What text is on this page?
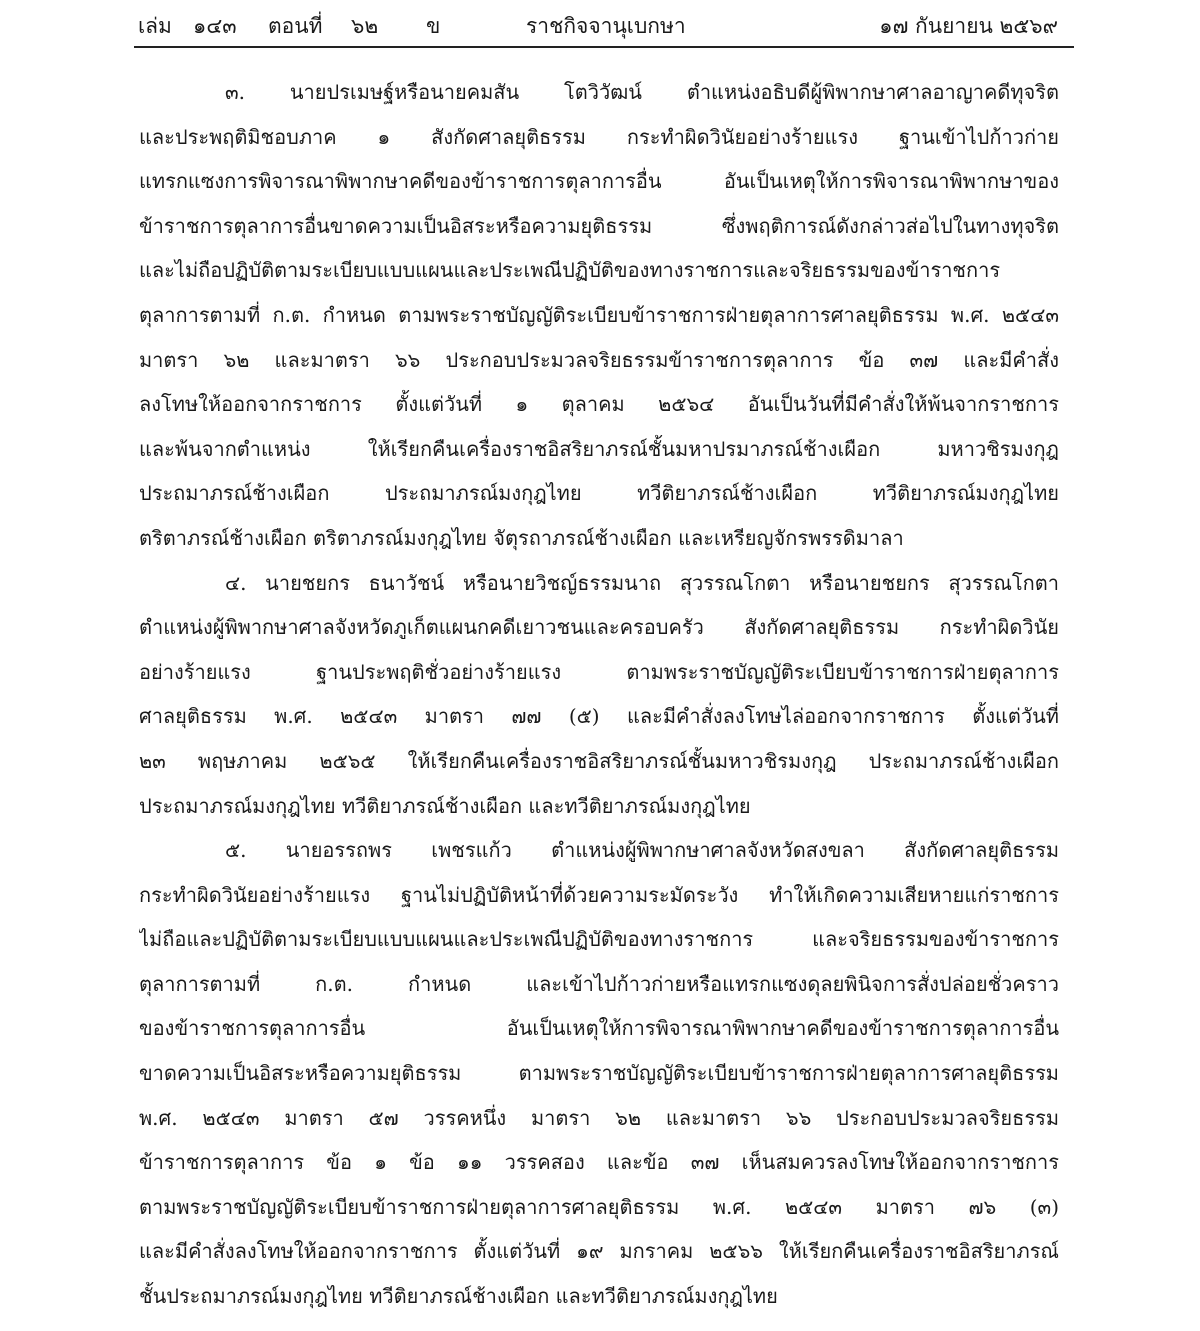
เล่ม ๑๔๓ ตอนที่ ๖๒ ข	ราชกิจจานุเบกษา	๑๗ กันยายน ๒๕๖๙
๓. นายปรเมษฐ์หรือนายคมสัน โตวิวัฒน์ ตำแหน่งอธิบดีผู้พิพากษาศาลอาญาคดีทุจริต
และประพฤติมิชอบภาค ๑ สังกัดศาลยุติธรรม กระทำผิดวินัยอย่างร้ายแรง ฐานเข้าไปก้าวก่าย
แทรกแซงการพิจารณาพิพากษาคดีของข้าราชการตุลาการอื่น อันเป็นเหตุให้การพิจารณาพิพากษาของ
ข้าราชการตุลาการอื่นขาดความเป็นอิสระหรือความยุติธรรม ซึ่งพฤติการณ์ดังกล่าวส่อไปในทางทุจริต
และไม่ถือปฏิบัติตามระเบียบแบบแผนและประเพณีปฏิบัติของทางราชการและจริยธรรมของข้าราชการ
ตุลาการตามที่ ก.ต. กำหนด ตามพระราชบัญญัติระเบียบข้าราชการฝ่ายตุลาการศาลยุติธรรม พ.ศ. ๒๕๔๓
มาตรา ๖๒ และมาตรา ๖๖ ประกอบประมวลจริยธรรมข้าราชการตุลาการ ข้อ ๓๗ และมีคำสั่ง
ลงโทษให้ออกจากราชการ ตั้งแต่วันที่ ๑ ตุลาคม ๒๕๖๔ อันเป็นวันที่มีคำสั่งให้พ้นจากราชการ
และพ้นจากตำแหน่ง ให้เรียกคืนเครื่องราชอิสริยาภรณ์ชั้นมหาปรมาภรณ์ช้างเผือก มหาวชิรมงกุฎ
ประถมาภรณ์ช้างเผือก ประถมาภรณ์มงกุฎไทย ทวีติยาภรณ์ช้างเผือก ทวีติยาภรณ์มงกุฎไทย
ตริตาภรณ์ช้างเผือก ตริตาภรณ์มงกุฎไทย จัตุรถาภรณ์ช้างเผือก และเหรียญจักรพรรดิมาลา
๔. นายชยกร ธนาวัชน์ หรือนายวิชญ์ธรรมนาถ สุวรรณโกตา หรือนายชยกร สุวรรณโกตา
ตำแหน่งผู้พิพากษาศาลจังหวัดภูเก็ตแผนกคดีเยาวชนและครอบครัว สังกัดศาลยุติธรรม กระทำผิดวินัย
อย่างร้ายแรง ฐานประพฤติชั่วอย่างร้ายแรง ตามพระราชบัญญัติระเบียบข้าราชการฝ่ายตุลาการ
ศาลยุติธรรม พ.ศ. ๒๕๔๓ มาตรา ๗๗ (๕) และมีคำสั่งลงโทษไล่ออกจากราชการ ตั้งแต่วันที่
๒๓ พฤษภาคม ๒๕๖๕ ให้เรียกคืนเครื่องราชอิสริยาภรณ์ชั้นมหาวชิรมงกุฎ ประถมาภรณ์ช้างเผือก
ประถมาภรณ์มงกุฎไทย ทวีติยาภรณ์ช้างเผือก และทวีติยาภรณ์มงกุฎไทย
๕. นายอรรถพร เพชรแก้ว ตำแหน่งผู้พิพากษาศาลจังหวัดสงขลา สังกัดศาลยุติธรรม
กระทำผิดวินัยอย่างร้ายแรง ฐานไม่ปฏิบัติหน้าที่ด้วยความระมัดระวัง ทำให้เกิดความเสียหายแก่ราชการ
ไม่ถือและปฏิบัติตามระเบียบแบบแผนและประเพณีปฏิบัติของทางราชการ และจริยธรรมของข้าราชการ
ตุลาการตามที่ ก.ต. กำหนด และเข้าไปก้าวก่ายหรือแทรกแซงดุลยพินิจการสั่งปล่อยชั่วคราว
ของข้าราชการตุลาการอื่น อันเป็นเหตุให้การพิจารณาพิพากษาคดีของข้าราชการตุลาการอื่น
ขาดความเป็นอิสระหรือความยุติธรรม ตามพระราชบัญญัติระเบียบข้าราชการฝ่ายตุลาการศาลยุติธรรม
พ.ศ. ๒๕๔๓ มาตรา ๕๗ วรรคหนึ่ง มาตรา ๖๒ และมาตรา ๖๖ ประกอบประมวลจริยธรรม
ข้าราชการตุลาการ ข้อ ๑ ข้อ ๑๑ วรรคสอง และข้อ ๓๗ เห็นสมควรลงโทษให้ออกจากราชการ
ตามพระราชบัญญัติระเบียบข้าราชการฝ่ายตุลาการศาลยุติธรรม พ.ศ. ๒๕๔๓ มาตรา ๗๖ (๓)
และมีคำสั่งลงโทษให้ออกจากราชการ ตั้งแต่วันที่ ๑๙ มกราคม ๒๕๖๖ ให้เรียกคืนเครื่องราชอิสริยาภรณ์
ชั้นประถมาภรณ์มงกุฎไทย ทวีติยาภรณ์ช้างเผือก และทวีติยาภรณ์มงกุฎไทย
